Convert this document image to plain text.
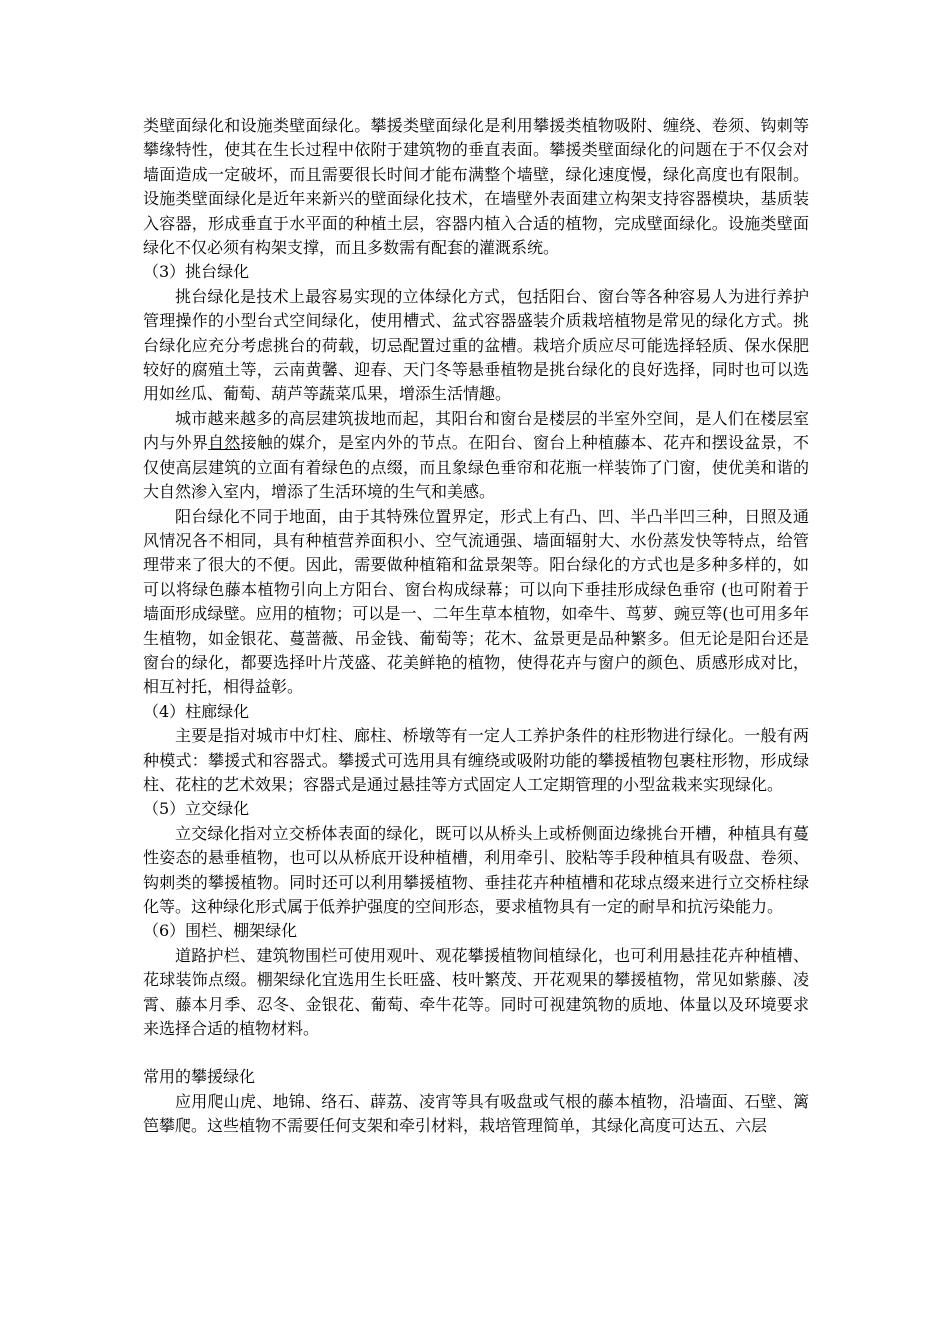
类壁面绿化和设施类壁面绿化。攀援类壁面绿化是利用攀援类植物吸附、缠绕、卷须、钩刺等攀缘特性，使其在生长过程中依附于建筑物的垂直表面。攀援类壁面绿化的问题在于不仅会对墙面造成一定破坏，而且需要很长时间才能布满整个墙壁，绿化速度慢，绿化高度也有限制。设施类壁面绿化是近年来新兴的壁面绿化技术，在墙壁外表面建立构架支持容器模块，基质装入容器，形成垂直于水平面的种植土层，容器内植入合适的植物，完成壁面绿化。设施类壁面绿化不仅必须有构架支撑，而且多数需有配套的灌溉系统。

（3）挑台绿化

挑台绿化是技术上最容易实现的立体绿化方式，包括阳台、窗台等各种容易人为进行养护管理操作的小型台式空间绿化，使用槽式、盆式容器盛装介质栽培植物是常见的绿化方式。挑台绿化应充分考虑挑台的荷载，切忌配置过重的盆槽。栽培介质应尽可能选择轻质、保水保肥较好的腐殖土等，云南黄馨、迎春、天门冬等悬垂植物是挑台绿化的良好选择，同时也可以选用如丝瓜、葡萄、葫芦等蔬菜瓜果，增添生活情趣。

城市越来越多的高层建筑拔地而起，其阳台和窗台是楼层的半室外空间，是人们在楼层室内与外界自然接触的媒介，是室内外的节点。在阳台、窗台上种植藤本、花卉和摆设盆景，不仅使高层建筑的立面有着绿色的点缀，而且象绿色垂帘和花瓶一样装饰了门窗，使优美和谐的大自然渗入室内，增添了生活环境的生气和美感。

阳台绿化不同于地面，由于其特殊位置界定，形式上有凸、凹、半凸半凹三种，日照及通风情况各不相同，具有种植营养面积小、空气流通强、墙面辐射大、水份蒸发快等特点，给管理带来了很大的不便。因此，需要做种植箱和盆景架等。阳台绿化的方式也是多种多样的，如可以将绿色藤本植物引向上方阳台、窗台构成绿幕；可以向下垂挂形成绿色垂帘 (也可附着于墙面形成绿壁。应用的植物；可以是一、二年生草本植物，如牵牛、茑萝、豌豆等(也可用多年生植物，如金银花、蔓蔷薇、吊金钱、葡萄等；花木、盆景更是品种繁多。但无论是阳台还是窗台的绿化，都要选择叶片茂盛、花美鲜艳的植物，使得花卉与窗户的颜色、质感形成对比，相互衬托，相得益彰。

（4）柱廊绿化

主要是指对城市中灯柱、廊柱、桥墩等有一定人工养护条件的柱形物进行绿化。一般有两种模式：攀援式和容器式。攀援式可选用具有缠绕或吸附功能的攀援植物包裹柱形物，形成绿柱、花柱的艺术效果；容器式是通过悬挂等方式固定人工定期管理的小型盆栽来实现绿化。

（5）立交绿化

立交绿化指对立交桥体表面的绿化，既可以从桥头上或桥侧面边缘挑台开槽，种植具有蔓性姿态的悬垂植物，也可以从桥底开设种植槽，利用牵引、胶粘等手段种植具有吸盘、卷须、钩刺类的攀援植物。同时还可以利用攀援植物、垂挂花卉种植槽和花球点缀来进行立交桥柱绿化等。这种绿化形式属于低养护强度的空间形态，要求植物具有一定的耐旱和抗污染能力。

（6）围栏、棚架绿化

道路护栏、建筑物围栏可使用观叶、观花攀援植物间植绿化，也可利用悬挂花卉种植槽、花球装饰点缀。棚架绿化宜选用生长旺盛、枝叶繁茂、开花观果的攀援植物，常见如紫藤、凌霄、藤本月季、忍冬、金银花、葡萄、牵牛花等。同时可视建筑物的质地、体量以及环境要求来选择合适的植物材料。

常用的攀援绿化

应用爬山虎、地锦、络石、薜荔、凌宵等具有吸盘或气根的藤本植物，沿墙面、石壁、篱笆攀爬。这些植物不需要任何支架和牵引材料，栽培管理简单，其绿化高度可达五、六层
